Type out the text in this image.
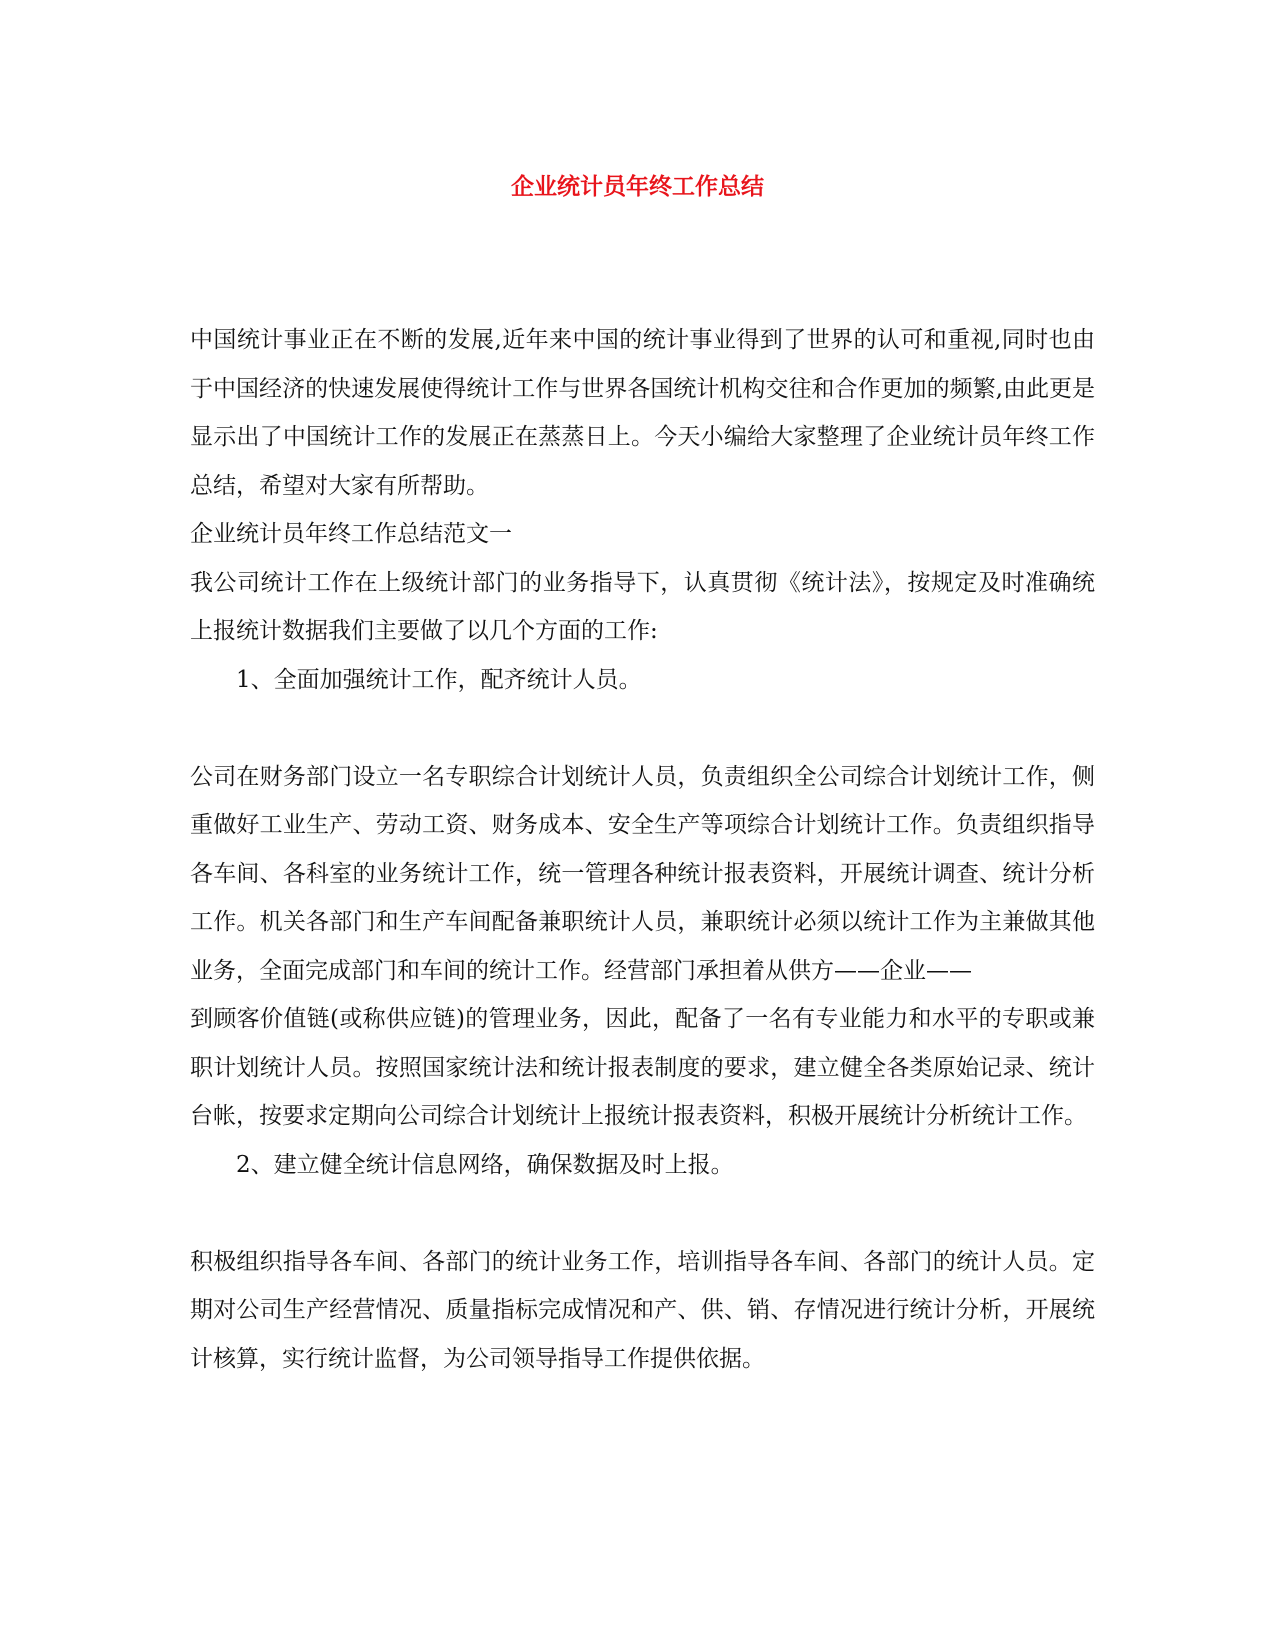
企业统计员年终工作总结

中国统计事业正在不断的发展,近年来中国的统计事业得到了世界的认可和重视,同时也由于中国经济的快速发展使得统计工作与世界各国统计机构交往和合作更加的频繁,由此更是显示出了中国统计工作的发展正在蒸蒸日上。今天小编给大家整理了企业统计员年终工作总结，希望对大家有所帮助。

企业统计员年终工作总结范文一

我公司统计工作在上级统计部门的业务指导下，认真贯彻《统计法》，按规定及时准确统上报统计数据我们主要做了以几个方面的工作:

1、全面加强统计工作，配齐统计人员。

公司在财务部门设立一名专职综合计划统计人员，负责组织全公司综合计划统计工作，侧重做好工业生产、劳动工资、财务成本、安全生产等项综合计划统计工作。负责组织指导各车间、各科室的业务统计工作，统一管理各种统计报表资料，开展统计调查、统计分析工作。机关各部门和生产车间配备兼职统计人员，兼职统计必须以统计工作为主兼做其他业务，全面完成部门和车间的统计工作。经营部门承担着从供方——企业——

到顾客价值链(或称供应链)的管理业务，因此，配备了一名有专业能力和水平的专职或兼职计划统计人员。按照国家统计法和统计报表制度的要求，建立健全各类原始记录、统计台帐，按要求定期向公司综合计划统计上报统计报表资料，积极开展统计分析统计工作。

2、建立健全统计信息网络，确保数据及时上报。

积极组织指导各车间、各部门的统计业务工作，培训指导各车间、各部门的统计人员。定期对公司生产经营情况、质量指标完成情况和产、供、销、存情况进行统计分析，开展统计核算，实行统计监督，为公司领导指导工作提供依据。
